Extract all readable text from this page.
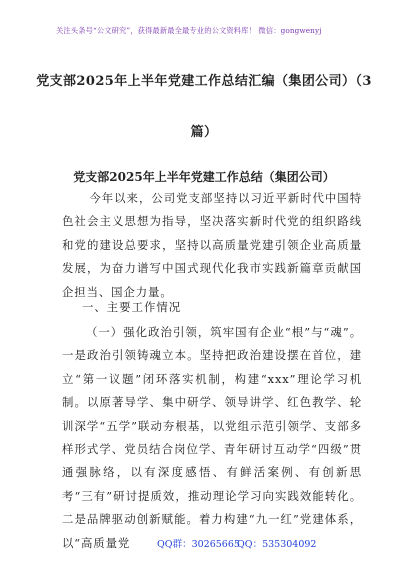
关注头条号“公文研究”，获得最新最全最专业的公文资料库！ 微信：gongwenyj
党支部2025年上半年党建工作总结汇编（集团公司）（3
篇）
党支部2025年上半年党建工作总结（集团公司）
今年以来，公司党支部坚持以习近平新时代中国特色社会主义思想为指导，坚决落实新时代党的组织路线和党的建设总要求，坚持以高质量党建引领企业高质量发展，为奋力谱写中国式现代化我市实践新篇章贡献国企担当、国企力量。
一、主要工作情况
（一）强化政治引领，筑牢国有企业“根”与“魂”。一是政治引领铸魂立本。坚持把政治建设摆在首位，建立“第一议题”闭环落实机制，构建“xxx”理论学习机制。以原著导学、集中研学、领导讲学、红色教学、轮训深学“五学”联动夯根基，以党组示范引领学、支部多样形式学、党员结合岗位学、青年研讨互动学“四级”贯通强脉络，以有深度感悟、有鲜活案例、有创新思考“三有”研讨提质效，推动理论学习向实践效能转化。二是品牌驱动创新赋能。着力构建“九一红”党建体系，以“高质量党	QQ群：30265665
QQ：535304092
